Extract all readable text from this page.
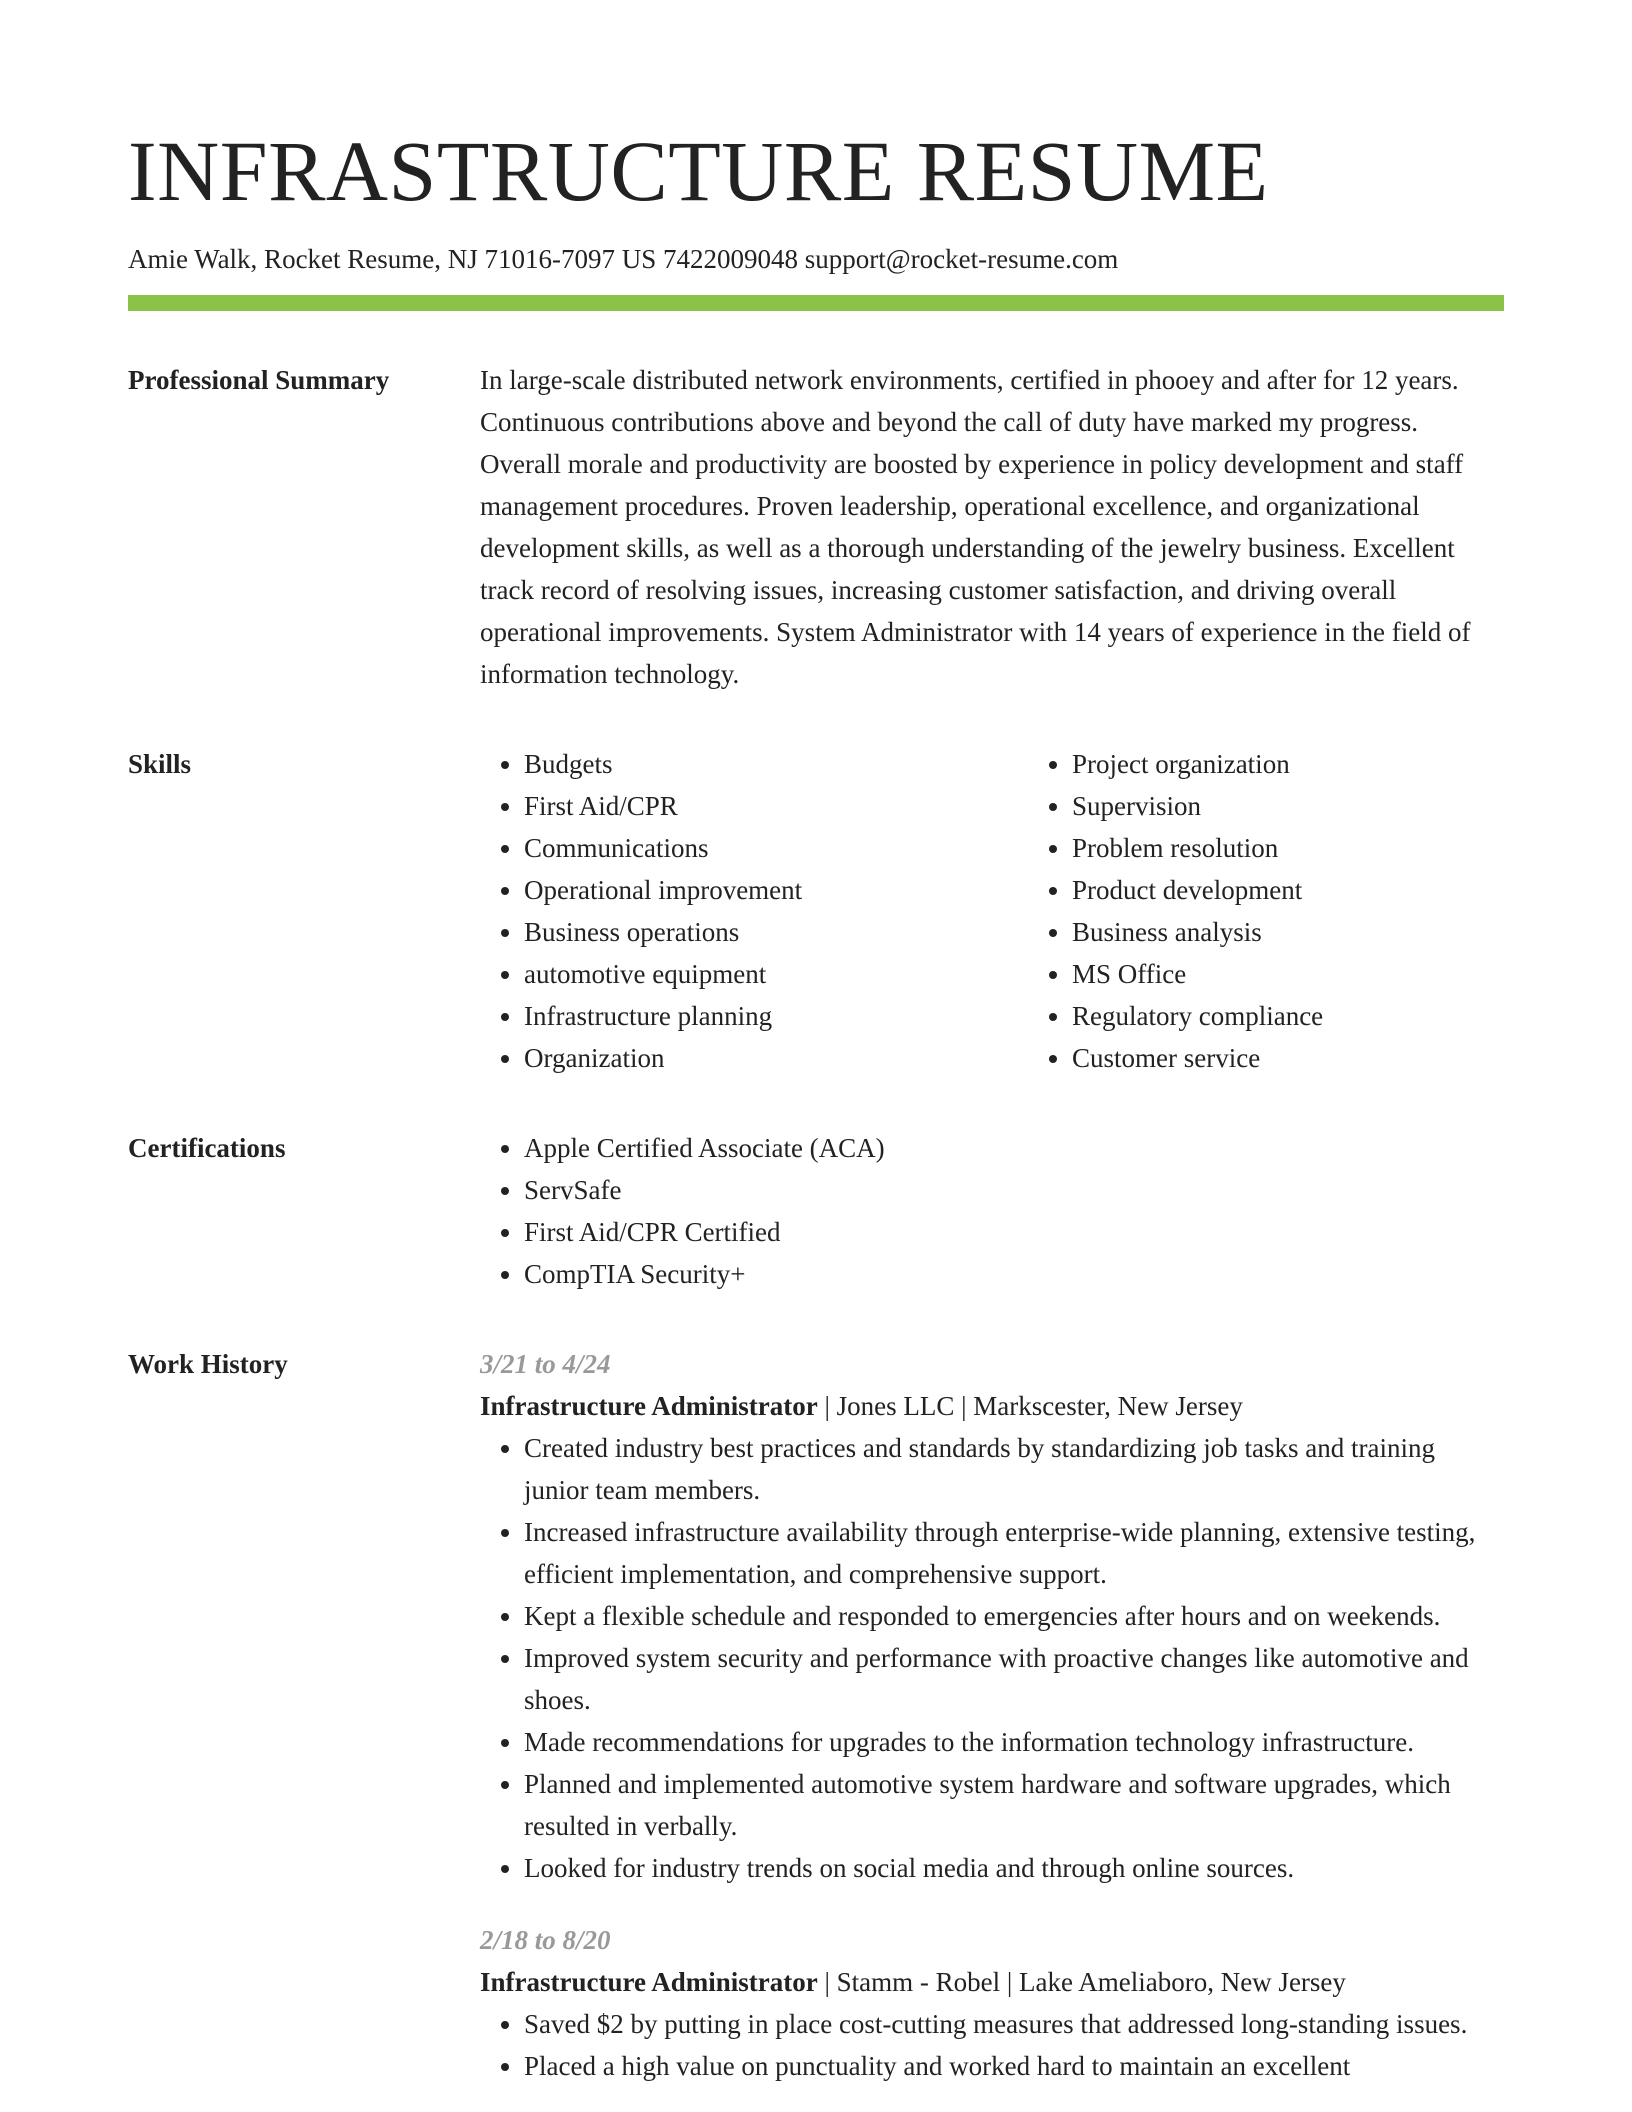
INFRASTRUCTURE RESUME
Amie Walk, Rocket Resume, NJ 71016-7097 US 7422009048 support@rocket-resume.com
Professional Summary	In large-scale distributed network environments, certified in phooey and after for 12 years. Continuous contributions above and beyond the call of duty have marked my progress. Overall morale and productivity are boosted by experience in policy development and staff management procedures. Proven leadership, operational excellence, and organizational development skills, as well as a thorough understanding of the jewelry business. Excellent track record of resolving issues, increasing customer satisfaction, and driving overall operational improvements. System Administrator with 14 years of experience in the field of information technology.

Skills	• Budgets
• First Aid/CPR
• Communications
• Operational improvement
• Business operations
• automotive equipment
• Infrastructure planning
• Organization
• Project organization
• Supervision
• Problem resolution
• Product development
• Business analysis
• MS Office
• Regulatory compliance
• Customer service
Certifications	• Apple Certified Associate (ACA)
• ServSafe
• First Aid/CPR Certified
• CompTIA Security+
Work History	3/21 to 4/24
Infrastructure Administrator | Jones LLC | Markscester, New Jersey
• Created industry best practices and standards by standardizing job tasks and training junior team members.
• Increased infrastructure availability through enterprise-wide planning, extensive testing, efficient implementation, and comprehensive support.
• Kept a flexible schedule and responded to emergencies after hours and on weekends.
• Improved system security and performance with proactive changes like automotive and shoes.
• Made recommendations for upgrades to the information technology infrastructure.
• Planned and implemented automotive system hardware and software upgrades, which resulted in verbally.
• Looked for industry trends on social media and through online sources.
2/18 to 8/20
Infrastructure Administrator | Stamm - Robel | Lake Ameliaboro, New Jersey
• Saved $2 by putting in place cost-cutting measures that addressed long-standing issues.
• Placed a high value on punctuality and worked hard to maintain an excellent
